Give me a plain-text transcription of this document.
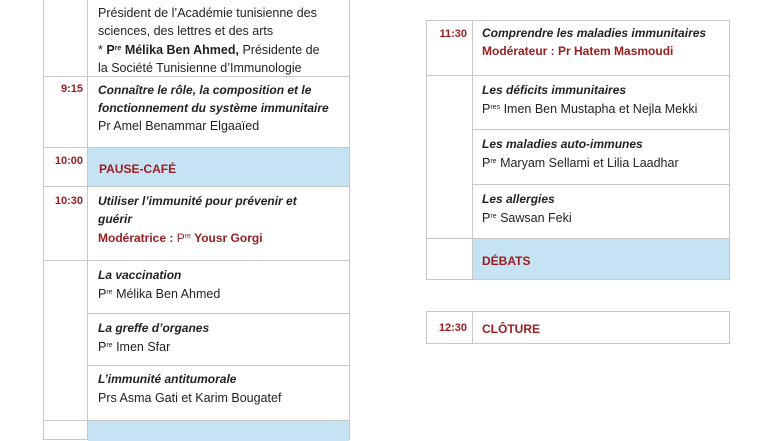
Président de l’Académie tunisienne des
sciences, des lettres et des arts
* $P^{re}$ Mélika Ben Ahmed, Présidente de
la Société Tunisienne d’Immunologie
9:15 Connaître le rôle, la composition et le
fonctionnement du système immunitaire
Pr Amel Benammar Elgaaïed
PAUSE-CAFÉ
10:00
10:30 Utiliser l’immunité pour prévenir et
guérir
Modératrice : $P^{re}$ Yousr Gorgi
La vaccination
$P^{re}$ Mélika Ben Ahmed
La greffe d’organes
$P^{re}$ Imen Sfar
L’immunité antitumorale
Prs Asma Gati et Karim Bougatef
11:30 Comprendre les maladies immunitaires
Modérateur : Pr Hatem Masmoudi
Les déficits immunitaires
$P^{res}$ Imen Ben Mustapha et Nejla Mekki
Les maladies auto-immunes
$P^{re}$ Maryam Sellami et Lilia Laadhar
Les allergies
$P^{re}$ Sawsan Feki
DÉBATS
12:30 CLÔTURE
